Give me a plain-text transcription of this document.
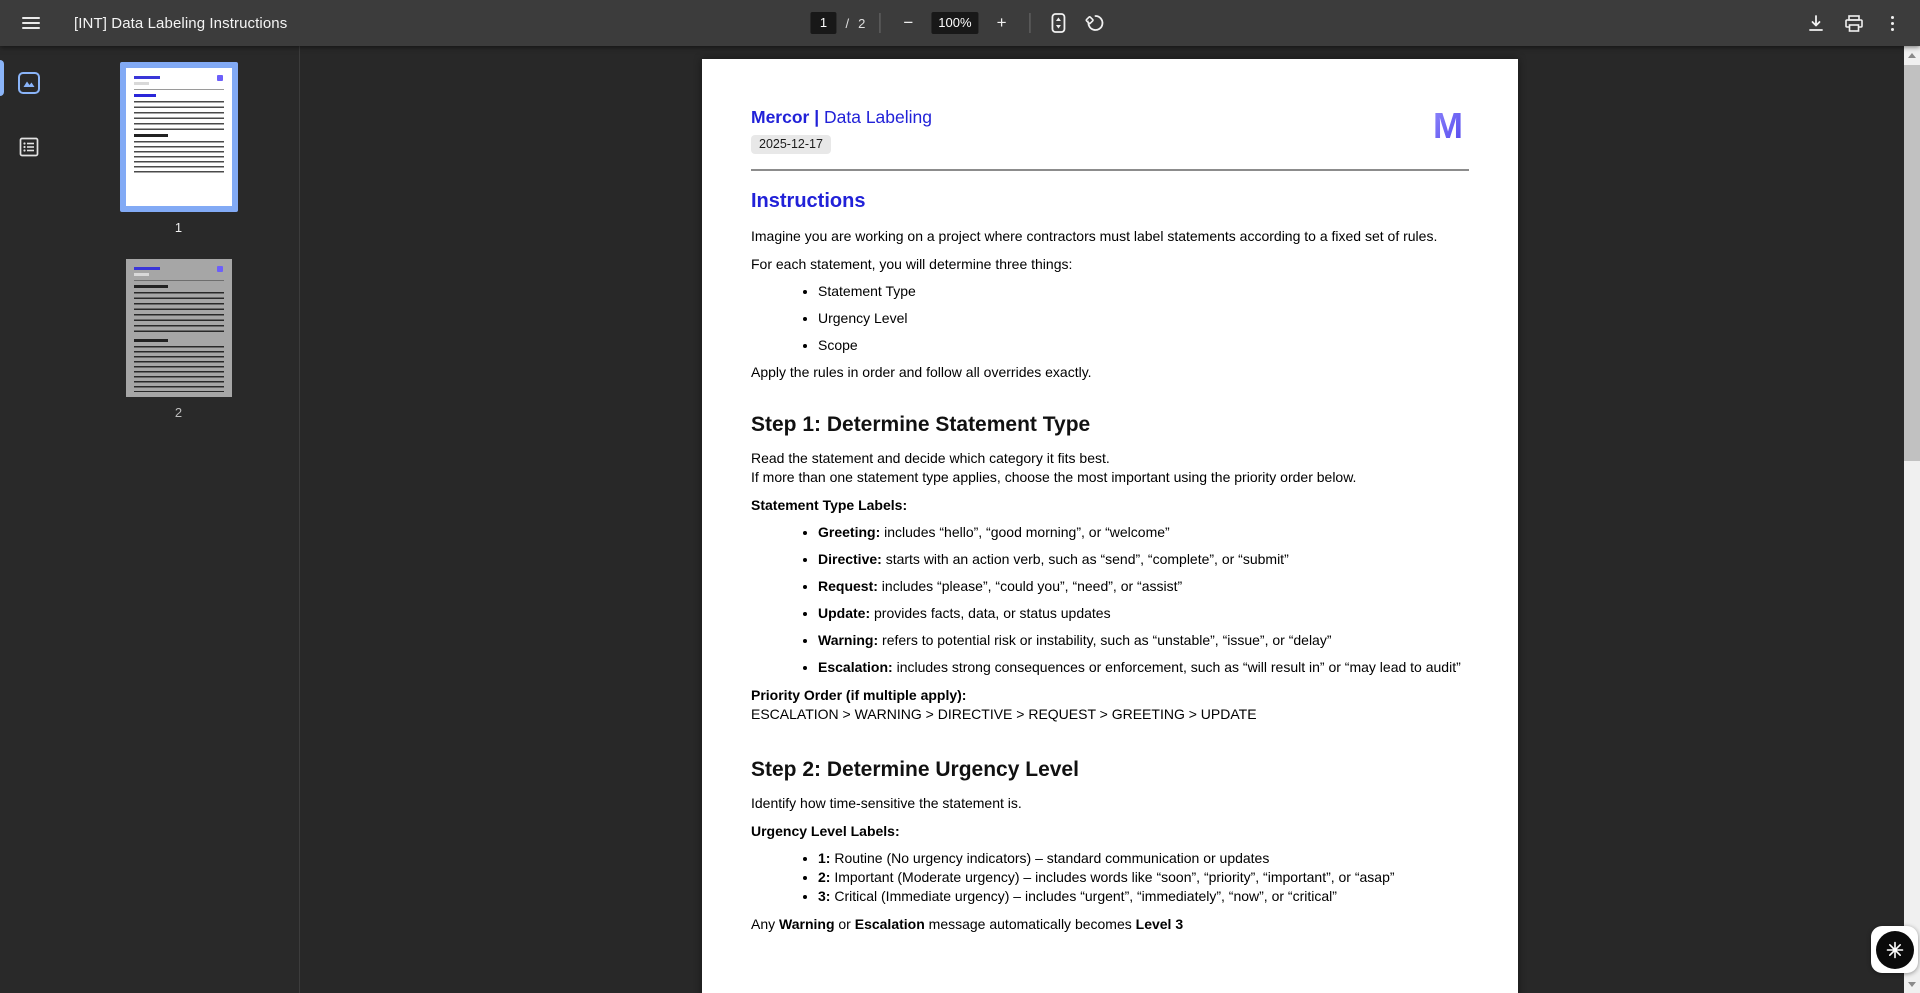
[INT] Data Labeling Instructions
1	/ 2 −	100%	+
1
2
Mercor | Data Labeling
2025-12-17	M
Instructions

Imagine you are working on a project where contractors must label statements according to a fixed set of rules.

For each statement, you will determine three things:

• Statement Type
• Urgency Level
• Scope

Apply the rules in order and follow all overrides exactly.

Step 1: Determine Statement Type
Read the statement and decide which category it fits best.
If more than one statement type applies, choose the most important using the priority order below.

Statement Type Labels:

• Greeting: includes “hello”, “good morning”, or “welcome”
• Directive: starts with an action verb, such as “send”, “complete”, or “submit”
• Request: includes “please”, “could you”, “need”, or “assist”
• Update: provides facts, data, or status updates
• Warning: refers to potential risk or instability, such as “unstable”, “issue”, or “delay”
• Escalation: includes strong consequences or enforcement, such as “will result in” or “may lead to audit”
Priority Order (if multiple apply):
ESCALATION > WARNING > DIRECTIVE > REQUEST > GREETING > UPDATE
Step 2: Determine Urgency Level

Identify how time-sensitive the statement is.

Urgency Level Labels:

• 1: Routine (No urgency indicators) – standard communication or updates
• 2: Important (Moderate urgency) – includes words like “soon”, “priority”, “important”, or “asap”
• 3: Critical (Immediate urgency) – includes “urgent”, “immediately”, “now”, or “critical”

Any Warning or Escalation message automatically becomes Level 3
